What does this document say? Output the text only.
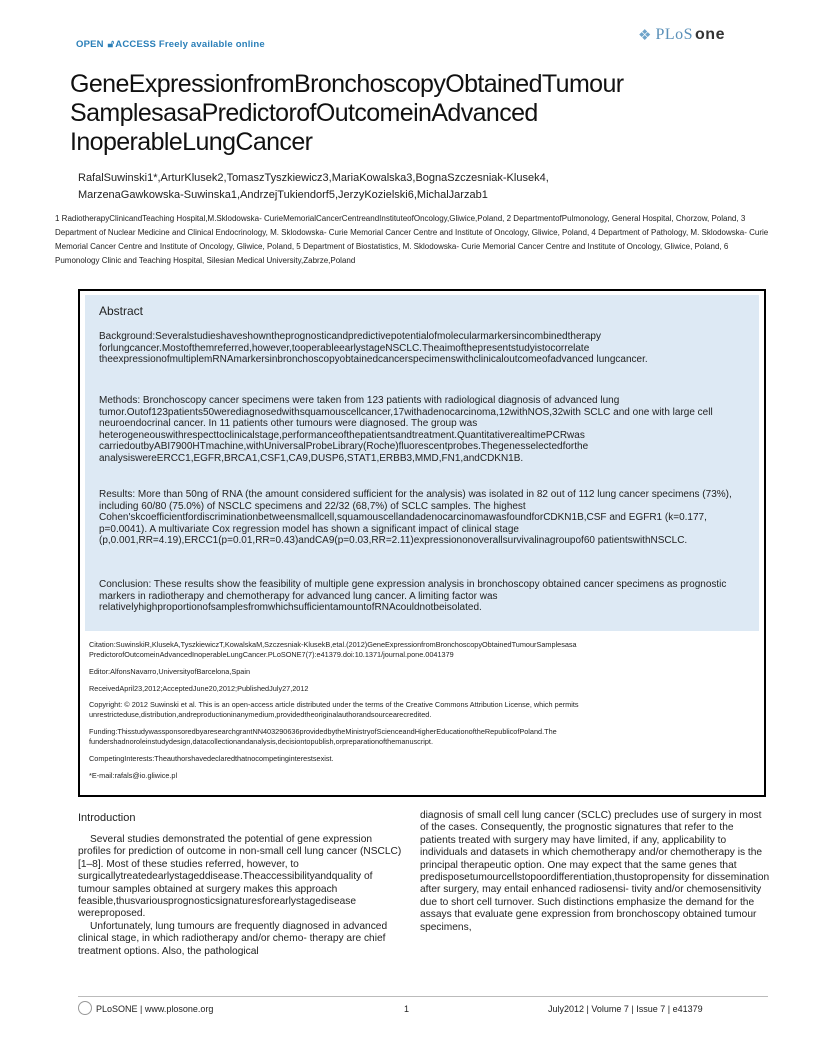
OPEN 🔓︎ACCESS Freely available online
❖ PLoS one
GeneExpressionfromBronchoscopyObtainedTumour
SamplesasaPredictorofOutcomeinAdvanced
InoperableLungCancer
RafalSuwinski1*,ArturKlusek2,TomaszTyszkiewicz3,MariaKowalska3,BognaSzczesniak-Klusek4,
MarzenaGawkowska-Suwinska1,AndrzejTukiendorf5,JerzyKozielski6,MichalJarzab1
1 RadiotherapyClinicandTeaching Hospital,M.Sklodowska- CurieMemorialCancerCentreandInstituteofOncology,Gliwice,Poland, 2 DepartmentofPulmonology, General Hospital, Chorzow, Poland, 3 Department of Nuclear Medicine and Clinical Endocrinology, M. Sklodowska- Curie Memorial Cancer Centre and Institute of Oncology, Gliwice, Poland, 4 Department of Pathology, M. Sklodowska- Curie Memorial Cancer Centre and Institute of Oncology, Gliwice, Poland, 5 Department of Biostatistics, M. Sklodowska- Curie Memorial Cancer Centre and Institute of Oncology, Gliwice, Poland, 6 Pumonology Clinic and Teaching Hospital, Silesian Medical University,Zabrze,Poland
Abstract
Background:Severalstudieshaveshowntheprognosticandpredictivepotentialofmolecularmarkersincombinedtherapy forlungcancer.Mostofthemreferred,however,tooperableearlystageNSCLC.Theaimofthepresentstudyistocorrelate theexpressionofmultiplemRNAmarkersinbronchoscopyobtainedcancerspecimenswithclinicaloutcomeofadvanced lungcancer.
Methods: Bronchoscopy cancer specimens were taken from 123 patients with radiological diagnosis of advanced lung tumor.Outof123patients50werediagnosedwithsquamouscellcancer,17withadenocarcinoma,12withNOS,32with SCLC and one with large cell neuroendocrinal cancer. In 11 patients other tumours were diagnosed. The group was heterogeneouswithrespecttoclinicalstage,performanceofthepatientsandtreatment.QuantitativerealtimePCRwas carriedoutbyABI7900HTmachine,withUniversalProbeLibrary(Roche)fluorescentprobes.Thegenesselectedforthe analysiswereERCC1,EGFR,BRCA1,CSF1,CA9,DUSP6,STAT1,ERBB3,MMD,FN1,andCDKN1B.
Results: More than 50ng of RNA (the amount considered sufficient for the analysis) was isolated in 82 out of 112 lung cancer specimens (73%), including 60/80 (75.0%) of NSCLC specimens and 22/32 (68,7%) of SCLC samples. The highest Cohen'skcoefficientfordiscriminationbetweensmallcell,squamouscellandadenocarcinomawasfoundforCDKN1B,CSF and EGFR1 (k=0.177, p=0.0041). A multivariate Cox regression model has shown a significant impact of clinical stage (p,0.001,RR=4.19),ERCC1(p=0.01,RR=0.43)andCA9(p=0.03,RR=2.11)expressiononoverallsurvivalinagroupof60 patientswithNSCLC.
Conclusion: These results show the feasibility of multiple gene expression analysis in bronchoscopy obtained cancer specimens as prognostic markers in radiotherapy and chemotherapy for advanced lung cancer. A limiting factor was relativelyhighproportionofsamplesfromwhichsufficientamountofRNAcouldnotbeisolated.
Citation:SuwinskiR,KlusekA,TyszkiewiczT,KowalskaM,Szczesniak-KlusekB,etal.(2012)GeneExpressionfromBronchoscopyObtainedTumourSamplesasa PredictorofOutcomeinAdvancedInoperableLungCancer.PLoSONE7(7):e41379.doi:10.1371/journal.pone.0041379
Editor:AlfonsNavarro,UniversityofBarcelona,Spain
ReceivedApril23,2012;AcceptedJune20,2012;PublishedJuly27,2012
Copyright: © 2012 Suwinski et al. This is an open-access article distributed under the terms of the Creative Commons Attribution License, which permits unrestricteduse,distribution,andreproductioninanymedium,providedtheoriginalauthorandsourcearecredited.
Funding:ThisstudywassponsoredbyaresearchgrantNN403290636providedbytheMinistryofScienceandHigherEducationoftheRepublicofPoland.The fundershadnoroleinstudydesign,datacollectionandanalysis,decisiontopublish,orpreparationofthemanuscript.
CompetingInterests:Theauthorshavedeclaredthatnocompetinginterestsexist.
*E-mail:rafals@io.gliwice.pl
Introduction

Several studies demonstrated the potential of gene expression profiles for prediction of outcome in non-small cell lung cancer (NSCLC) [1–8]. Most of these studies referred, however, to surgicallytreatedearlystageddisease.Theaccessibilityandquality of tumour samples obtained at surgery makes this approach feasible,thusvariousprognosticsignaturesforearlystagedisease wereproposed.

Unfortunately, lung tumours are frequently diagnosed in advanced clinical stage, in which radiotherapy and/or chemo- therapy are chief treatment options. Also, the pathological

diagnosis of small cell lung cancer (SCLC) precludes use of surgery in most of the cases. Consequently, the prognostic signatures that refer to the patients treated with surgery may have limited, if any, applicability to individuals and datasets in which chemotherapy and/or chemotherapy is the principal therapeutic option. One may expect that the same genes that predisposetumourcellstopoordifferentiation,thustopropensity for dissemination after surgery, may entail enhanced radiosensi- tivity and/or chemosensitivity due to short cell turnover. Such distinctions emphasize the demand for the assays that evaluate gene expression from bronchoscopy obtained tumour specimens,

PLoSONE | www.plosone.org	1	July2012 | Volume 7 | Issue 7 | e41379
